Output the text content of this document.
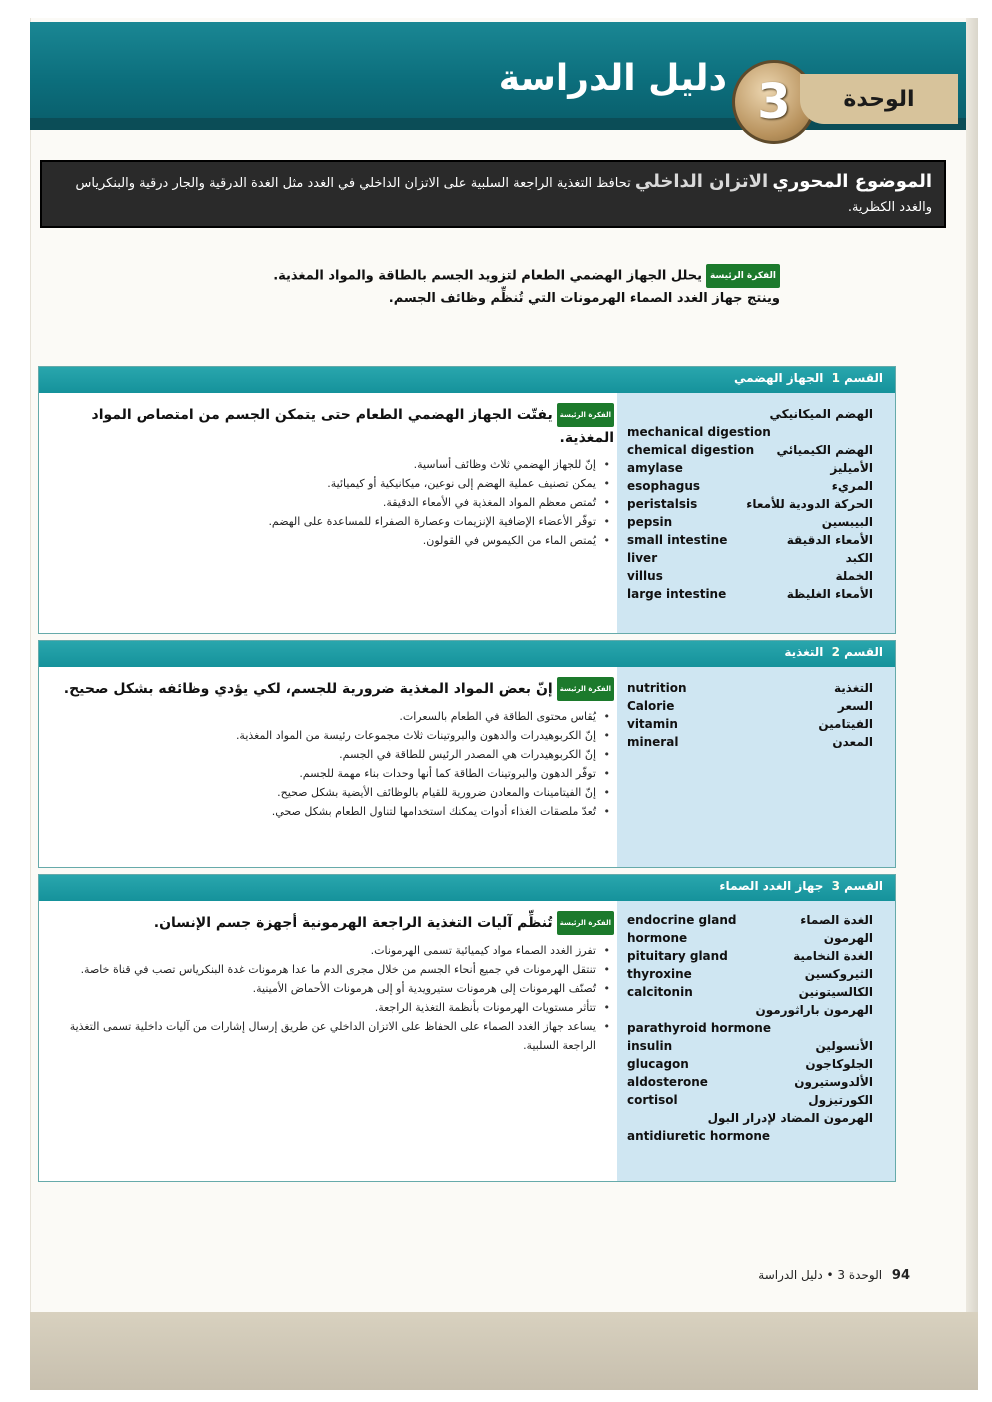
دليل الدراسة 3	الوحدة
الموضوع المحوري الاتزان الداخلي تحافظ التغذية الراجعة السلبية على الاتزان الداخلي في الغدد مثل الغدة الدرقية والجار درقية والبنكرياس والغدد الكظرية.
الفكرة الرئيسةيحلل الجهاز الهضمي الطعام لتزويد الجسم بالطاقة والمواد المغذية.
وينتج جهاز الغدد الصماء الهرمونات التي تُنظِّم وظائف الجسم.
القسم 1 الجهاز الهضمي
الهضم الميكانيكي
mechanical digestion
الهضم الكيميائي
chemical digestion
الأميليز
amylase
المريء
esophagus
الحركة الدودية للأمعاء
peristalsis
البيبسين
pepsin
الأمعاء الدقيقة
small intestine
الكبد
liver
الخملة
villus
الأمعاء الغليظة
large intestine
الفكرة الرئيسةيفتّت الجهاز الهضمي الطعام حتى يتمكن الجسم من امتصاص المواد المغذية.
• إنّ للجهاز الهضمي ثلاث وظائف أساسية.
• يمكن تصنيف عملية الهضم إلى نوعين، ميكانيكية أو كيميائية.
• تُمتص معظم المواد المغذية في الأمعاء الدقيقة.
• توفّر الأعضاء الإضافية الإنزيمات وعصارة الصفراء للمساعدة على الهضم.
• يُمتص الماء من الكيموس في القولون.
القسم 2 التغذية
التغذية
nutrition
السعر
Calorie
الفيتامين
vitamin
المعدن
mineral
الفكرة الرئيسةإنّ بعض المواد المغذية ضرورية للجسم، لكي يؤدي وظائفه بشكل صحيح.
• يُقاس محتوى الطاقة في الطعام بالسعرات.
• إنّ الكربوهيدرات والدهون والبروتينات ثلاث مجموعات رئيسة من المواد المغذية.
• إنّ الكربوهيدرات هي المصدر الرئيس للطاقة في الجسم.
• توفّر الدهون والبروتينات الطاقة كما أنها وحدات بناء مهمة للجسم.
• إنّ الفيتامينات والمعادن ضرورية للقيام بالوظائف الأيضية بشكل صحيح.
• تُعدّ ملصقات الغذاء أدوات يمكنك استخدامها لتناول الطعام بشكل صحي.
القسم 3 جهاز الغدد الصماء
الغدة الصماء
endocrine gland
الهرمون
hormone
الغدة النخامية
pituitary gland
الثيروكسين
thyroxine
الكالسيتونين
calcitonin
الهرمون باراثورمون
parathyroid hormone
الأنسولين
insulin
الجلوكاجون
glucagon
الألدوستيرون
aldosterone
الكورتيزول
cortisol
الهرمون المضاد لإدرار البول
antidiuretic hormone
الفكرة الرئيسةتُنظِّم آليات التغذية الراجعة الهرمونية أجهزة جسم الإنسان.
• تفرز الغدد الصماء مواد كيميائية تسمى الهرمونات.
• تنتقل الهرمونات في جميع أنحاء الجسم من خلال مجرى الدم ما عدا هرمونات غدة البنكرياس تصب في قناة خاصة.
• تُصنّف الهرمونات إلى هرمونات ستيرويدية أو إلى هرمونات الأحماض الأمينية.
• تتأثر مستويات الهرمونات بأنظمة التغذية الراجعة.
• يساعد جهاز الغدد الصماء على الحفاظ على الاتزان الداخلي عن طريق إرسال إشارات من آليات داخلية تسمى التغذية الراجعة السلبية.
94 الوحدة 3 • دليل الدراسة
